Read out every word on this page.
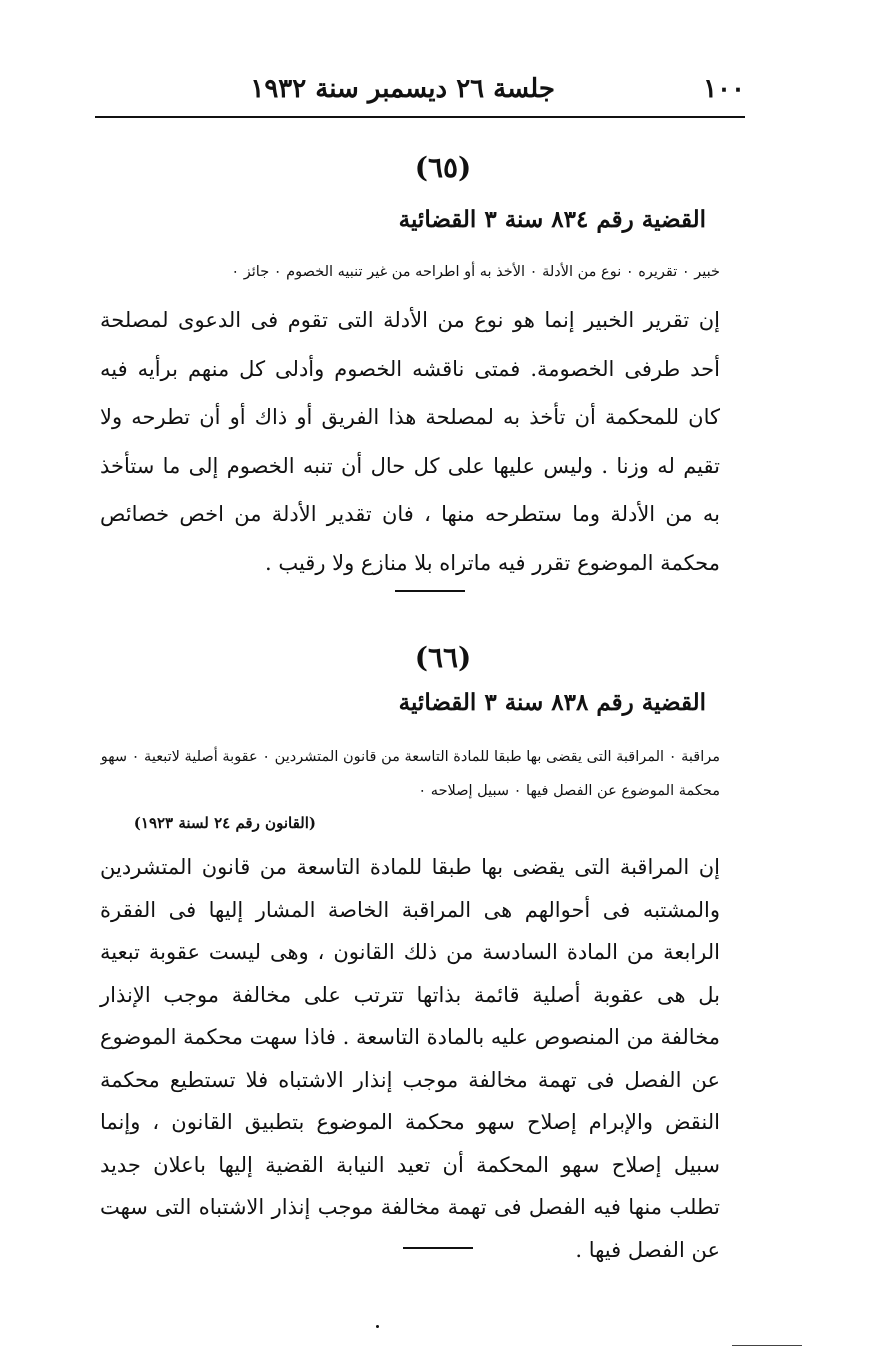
١٠٠
جلسة ٢٦ ديسمبر سنة ١٩٣٢
(٦٥)
القضية رقم ٨٣٤ سنة ٣ القضائية
خبير ٠ تقريره ٠ نوع من الأدلة ٠ الأخذ به أو اطراحه من غير تنبيه الخصوم ٠ جائز ٠
إن تقرير الخبير إنما هو نوع من الأدلة التى تقوم فى الدعوى لمصلحة أحد طرفى الخصومة. فمتى ناقشه الخصوم وأدلى كل منهم برأيه فيه كان للمحكمة أن تأخذ به لمصلحة هذا الفريق أو ذاك أو أن تطرحه ولا تقيم له وزنا . وليس عليها على كل حال أن تنبه الخصوم إلى ما ستأخذ به من الأدلة وما ستطرحه منها ، فان تقدير الأدلة من اخص خصائص محكمة الموضوع تقرر فيه ماتراه بلا منازع ولا رقيب .
(٦٦)
القضية رقم ٨٣٨ سنة ٣ القضائية
مراقبة ٠ المراقبة التى يقضى بها طبقا للمادة التاسعة من قانون المتشردين ٠ عقوبة أصلية لاتبعية ٠ سهو محكمة الموضوع عن الفصل فيها ٠ سبيل إصلاحه ٠
(القانون رقم ٢٤ لسنة ١٩٢٣)
إن المراقبة التى يقضى بها طبقا للمادة التاسعة من قانون المتشردين والمشتبه فى أحوالهم هى المراقبة الخاصة المشار إليها فى الفقرة الرابعة من المادة السادسة من ذلك القانون ، وهى ليست عقوبة تبعية بل هى عقوبة أصلية قائمة بذاتها تترتب على مخالفة موجب الإنذار مخالفة من المنصوص عليه بالمادة التاسعة . فاذا سهت محكمة الموضوع عن الفصل فى تهمة مخالفة موجب إنذار الاشتباه فلا تستطيع محكمة النقض والإبرام إصلاح سهو محكمة الموضوع بتطبيق القانون ، وإنما سبيل إصلاح سهو المحكمة أن تعيد النيابة القضية إليها باعلان جديد تطلب منها فيه الفصل فى تهمة مخالفة موجب إنذار الاشتباه التى سهت عن الفصل فيها .
